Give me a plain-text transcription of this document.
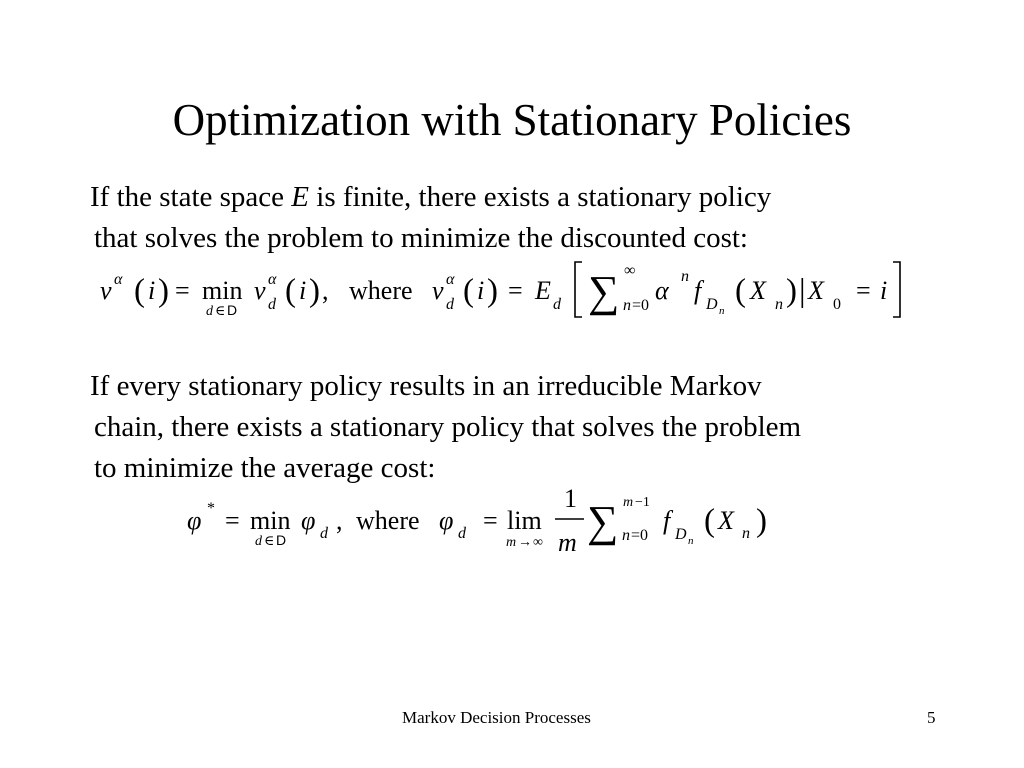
Optimization with Stationary Policies
If the state space E is finite, there exists a stationary policy
that solves the problem to minimize the discounted cost:
If every stationary policy results in an irreducible Markov
chain, there exists a stationary policy that solves the problem
to minimize the average cost:
v α ( i ) = min
d ∈ D
v α
d ( i ) , where v α
d ( i ) = E d ∑ ∞
n =0
α n f D n
( X n ) | X 0 = i
φ * = min
d ∈ D
φ d , where φ d = lim
m → ∞
1
m ∑ m −1
n =0
f D n
( X n )
Markov Decision Processes	5
